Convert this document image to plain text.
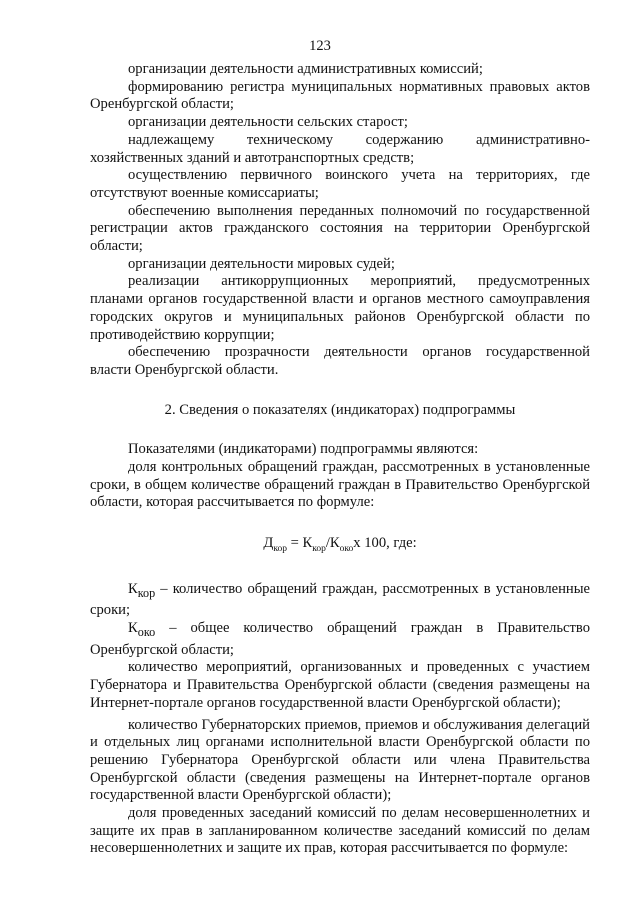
123

организации деятельности административных комиссий;

формированию регистра муниципальных нормативных правовых актов Оренбургской области;

организации деятельности сельских старост;

надлежащему техническому содержанию административно-хозяйственных зданий и автотранспортных средств;

осуществлению первичного воинского учета на территориях, где отсутствуют военные комиссариаты;

обеспечению выполнения переданных полномочий по государственной регистрации актов гражданского состояния на территории Оренбургской области;

организации деятельности мировых судей;

реализации антикоррупционных мероприятий, предусмотренных планами органов государственной власти и органов местного самоуправления городских округов и муниципальных районов Оренбургской области по противодействию коррупции;

обеспечению прозрачности деятельности органов государственной власти Оренбургской области.

2. Сведения о показателях (индикаторах) подпрограммы

Показателями (индикаторами) подпрограммы являются:

доля контрольных обращений граждан, рассмотренных в установленные сроки, в общем количестве обращений граждан в Правительство Оренбургской области, которая рассчитывается по формуле:

$Д_{кор} = К_{кор}/К_{око}x$ 100, где:

$К_{кор}$ – количество обращений граждан, рассмотренных в установленные сроки;

$К_{око}$ – общее количество обращений граждан в Правительство Оренбургской области;

количество мероприятий, организованных и проведенных с участием Губернатора и Правительства Оренбургской области (сведения размещены на Интернет-портале органов государственной власти Оренбургской области);

количество Губернаторских приемов, приемов и обслуживания делегаций и отдельных лиц органами исполнительной власти Оренбургской области по решению Губернатора Оренбургской области или члена Правительства Оренбургской области (сведения размещены на Интернет-портале органов государственной власти Оренбургской области);

доля проведенных заседаний комиссий по делам несовершеннолетних и защите их прав в запланированном количестве заседаний комиссий по делам несовершеннолетних и защите их прав, которая рассчитывается по формуле:
